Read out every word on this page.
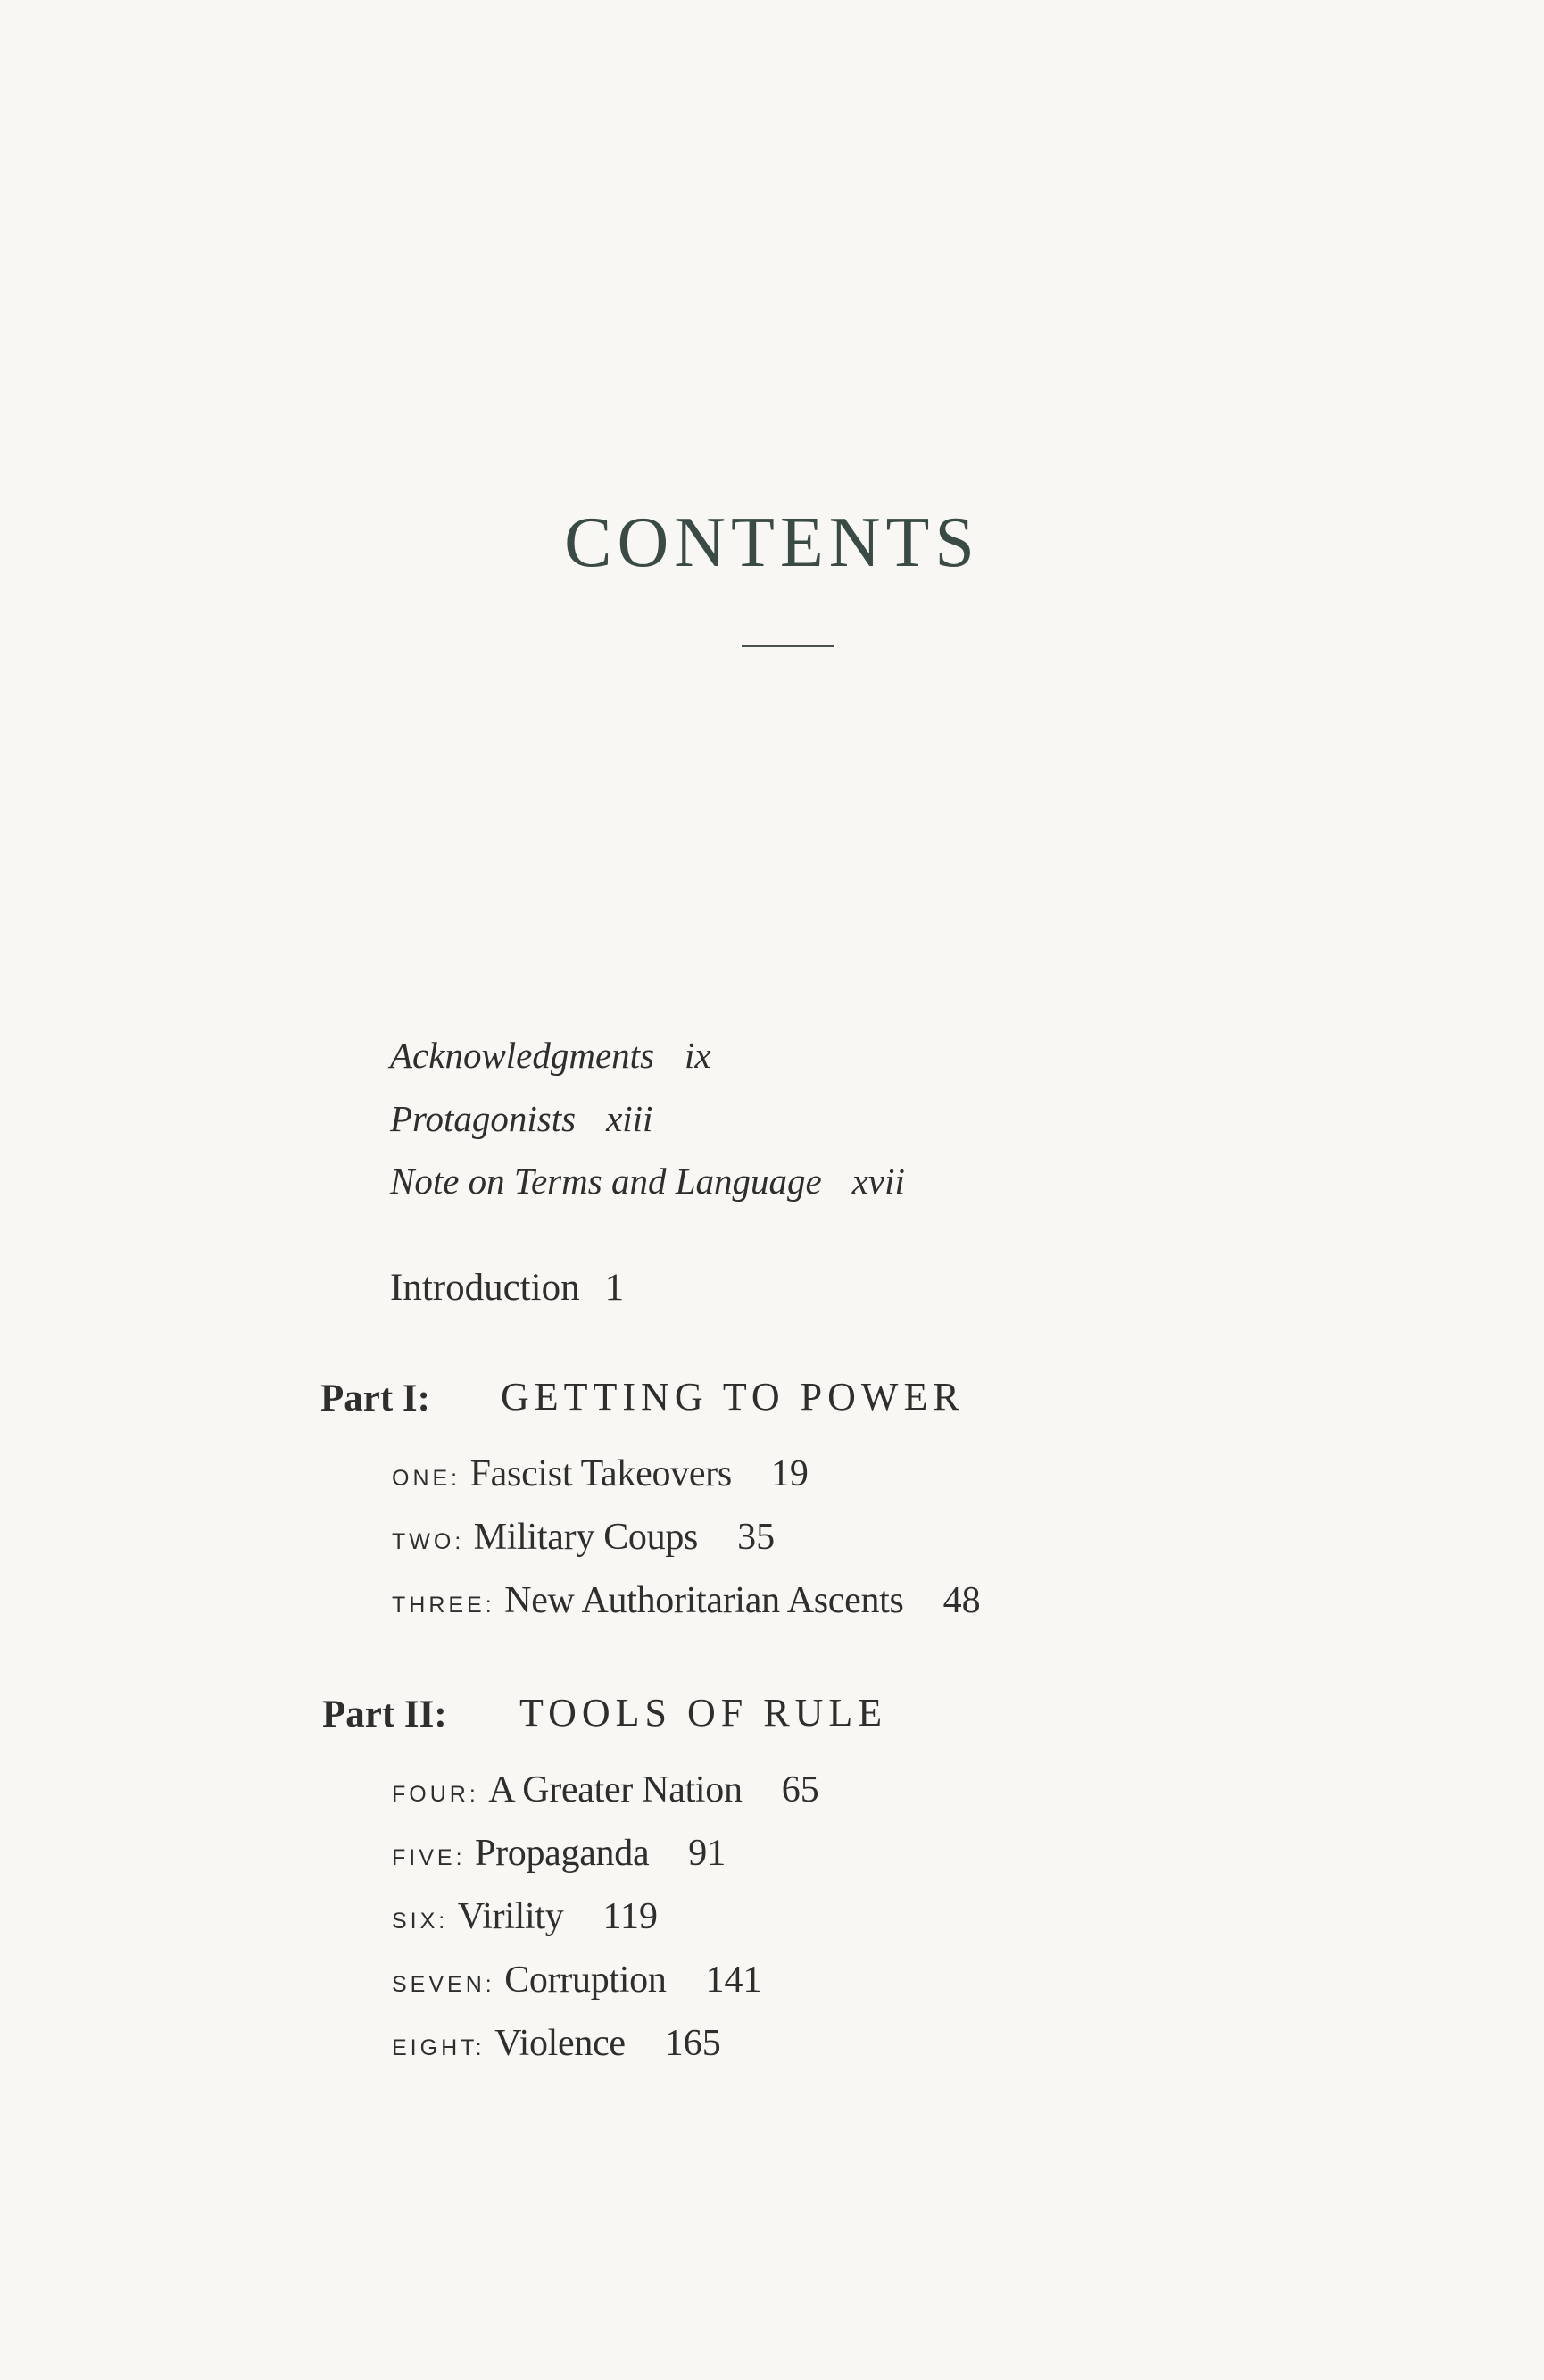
CONTENTS
Acknowledgments ix
Protagonists xiii
Note on Terms and Language xvii
Introduction 1
Part I: GETTING TO POWER
ONE: Fascist Takeovers 19
TWO: Military Coups 35
THREE: New Authoritarian Ascents 48
Part II: TOOLS OF RULE
FOUR: A Greater Nation 65
FIVE: Propaganda 91
SIX: Virility 119
SEVEN: Corruption 141
EIGHT: Violence 165
